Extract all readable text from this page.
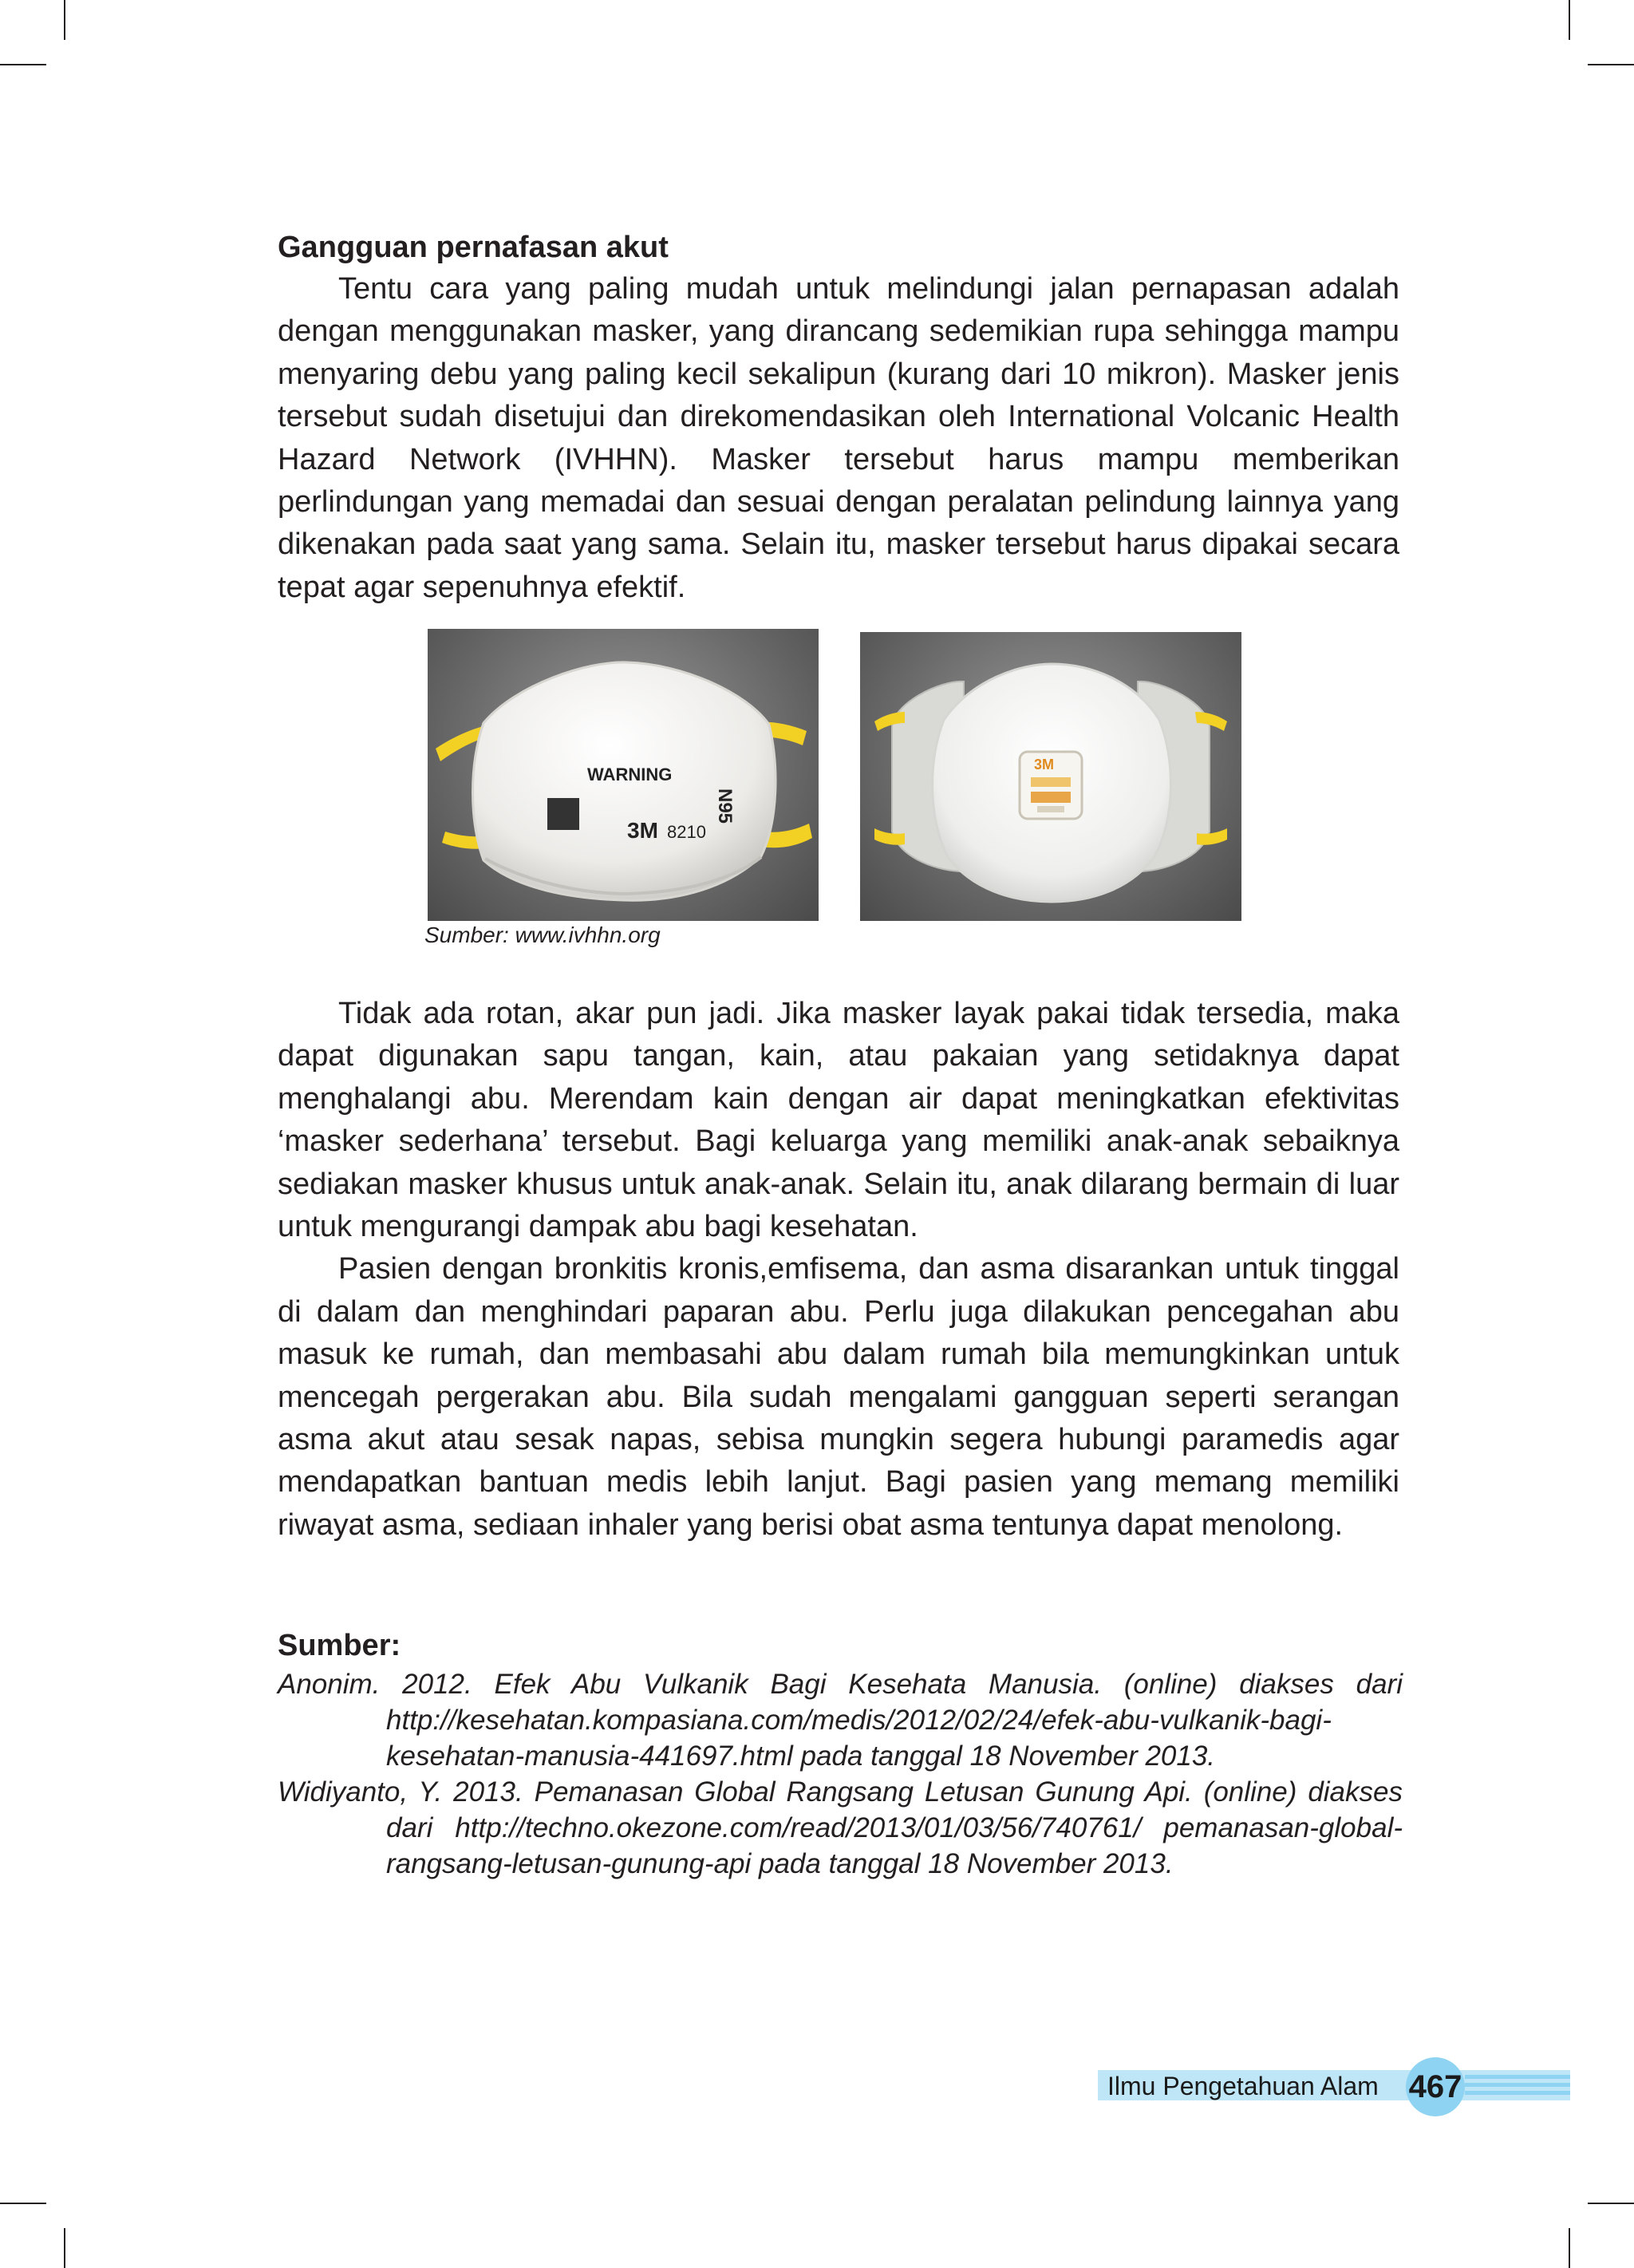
Gangguan pernafasan akut

Tentu cara yang paling mudah untuk melindungi jalan pernapasan adalah dengan menggunakan masker, yang dirancang sedemikian rupa sehingga mampu menyaring debu yang paling kecil sekalipun (kurang dari 10 mikron). Masker jenis tersebut sudah disetujui dan direkomendasikan oleh International Volcanic Health Hazard Network (IVHHN). Masker tersebut harus mampu memberikan perlindungan yang memadai dan sesuai dengan peralatan pelindung lainnya yang dikenakan pada saat yang sama. Selain itu, masker tersebut harus dipakai secara tepat agar sepenuhnya efektif.

WARNING
3M 8210
N95
3M
Sumber: www.ivhhn.org

Tidak ada rotan, akar pun jadi. Jika masker layak pakai tidak tersedia, maka dapat digunakan sapu tangan, kain, atau pakaian yang setidaknya dapat menghalangi abu. Merendam kain dengan air dapat meningkatkan efektivitas ‘masker sederhana’ tersebut. Bagi keluarga yang memiliki anak-anak sebaiknya sediakan masker khusus untuk anak-anak. Selain itu, anak dilarang bermain di luar untuk mengurangi dampak abu bagi kesehatan.

Pasien dengan bronkitis kronis,emfisema, dan asma disarankan untuk tinggal di dalam dan menghindari paparan abu. Perlu juga dilakukan pencegahan abu masuk ke rumah, dan membasahi abu dalam rumah bila memungkinkan untuk mencegah pergerakan abu. Bila sudah mengalami gangguan seperti serangan asma akut atau sesak napas, sebisa mungkin segera hubungi paramedis agar mendapatkan bantuan medis lebih lanjut. Bagi pasien yang memang memiliki riwayat asma, sediaan inhaler yang berisi obat asma tentunya dapat menolong.

Sumber:

Anonim. 2012. Efek Abu Vulkanik Bagi Kesehata Manusia. (online) diakses dari http://kesehatan.kompasiana.com/medis/2012/02/24/efek-abu-vulkanik-bagi-kesehatan-manusia-441697.html pada tanggal 18 November 2013.

Widiyanto, Y. 2013. Pemanasan Global Rangsang Letusan Gunung Api. (online) diakses dari http://techno.okezone.com/read/2013/01/03/56/740761/ pemanasan-global-rangsang-letusan-gunung-api pada tanggal 18 November 2013.

Ilmu Pengetahuan Alam 467
